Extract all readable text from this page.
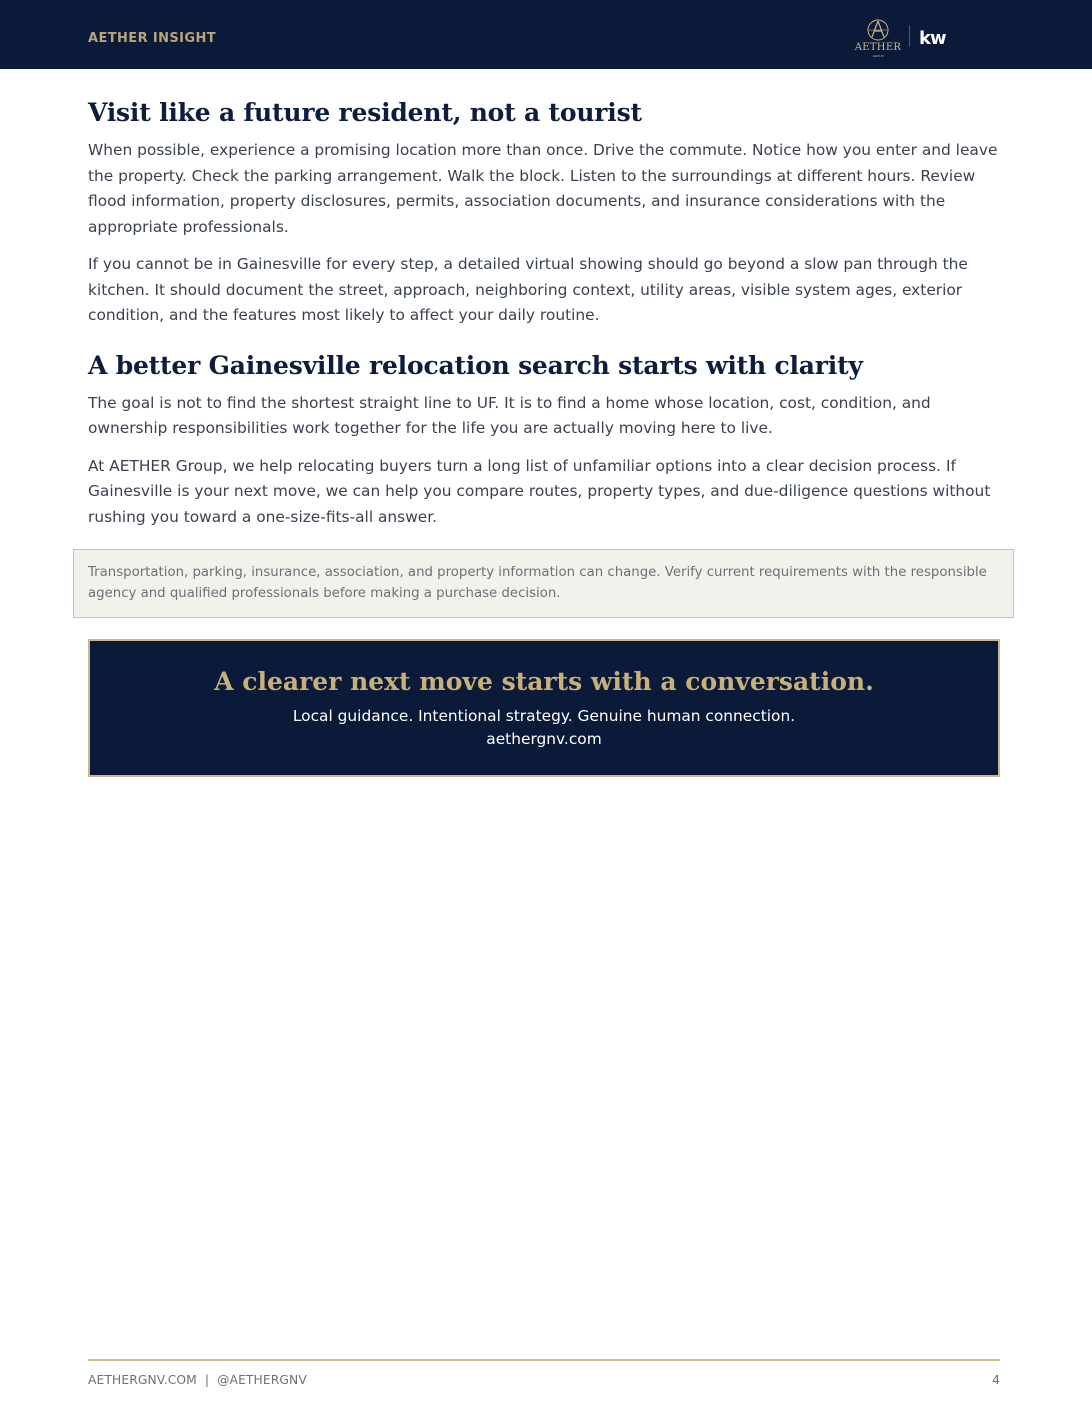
AETHER INSIGHT
AETHER
GROUP
kw
Visit like a future resident, not a tourist

When possible, experience a promising location more than once. Drive the commute. Notice how you enter and leave the property. Check the parking arrangement. Walk the block. Listen to the surroundings at different hours. Review flood information, property disclosures, permits, association documents, and insurance considerations with the appropriate professionals.

If you cannot be in Gainesville for every step, a detailed virtual showing should go beyond a slow pan through the kitchen. It should document the street, approach, neighboring context, utility areas, visible system ages, exterior condition, and the features most likely to affect your daily routine.

A better Gainesville relocation search starts with clarity

The goal is not to find the shortest straight line to UF. It is to find a home whose location, cost, condition, and ownership responsibilities work together for the life you are actually moving here to live.

At AETHER Group, we help relocating buyers turn a long list of unfamiliar options into a clear decision process. If Gainesville is your next move, we can help you compare routes, property types, and due-diligence questions without rushing you toward a one-size-fits-all answer.

Transportation, parking, insurance, association, and property information can change. Verify current requirements with the responsible agency and qualified professionals before making a purchase decision.
A clearer next move starts with a conversation.
Local guidance. Intentional strategy. Genuine human connection.
aethergnv.com
AETHERGNV.COM | @AETHERGNV	4
